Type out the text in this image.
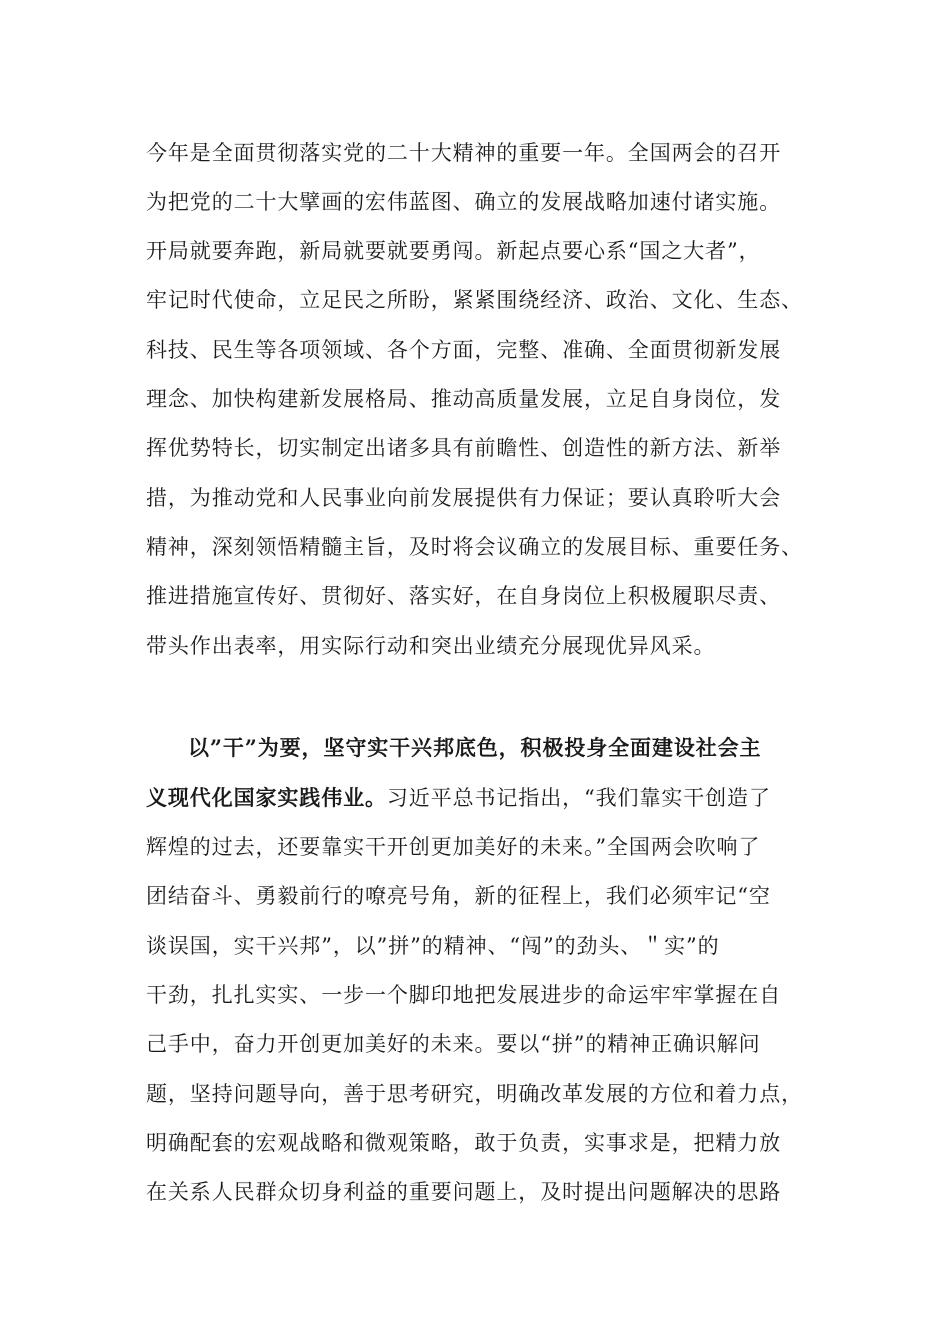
今年是全面贯彻落实党的二十大精神的重要一年。全国两会的召开
为把党的二十大擘画的宏伟蓝图、确立的发展战略加速付诸实施。
开局就要奔跑，新局就要就要勇闯。新起点要心系“国之大者”，
牢记时代使命，立足民之所盼，紧紧围绕经济、政治、文化、生态、
科技、民生等各项领域、各个方面，完整、准确、全面贯彻新发展
理念、加快构建新发展格局、推动高质量发展，立足自身岗位，发
挥优势特长，切实制定出诸多具有前瞻性、创造性的新方法、新举
措，为推动党和人民事业向前发展提供有力保证；要认真聆听大会
精神，深刻领悟精髓主旨，及时将会议确立的发展目标、重要任务、
推进措施宣传好、贯彻好、落实好，在自身岗位上积极履职尽责、
带头作出表率，用实际行动和突出业绩充分展现优异风采。
以”干”为要，坚守实干兴邦底色，积极投身全面建设社会主
义现代化国家实践伟业。习近平总书记指出，“我们靠实干创造了
辉煌的过去，还要靠实干开创更加美好的未来。”全国两会吹响了
团结奋斗、勇毅前行的嘹亮号角，新的征程上，我们必须牢记“空
谈误国，实干兴邦”，以”拼”的精神、“闯”的劲头、＂实”的
干劲，扎扎实实、一步一个脚印地把发展进步的命运牢牢掌握在自
己手中，奋力开创更加美好的未来。要以“拼”的精神正确识解问
题，坚持问题导向，善于思考研究，明确改革发展的方位和着力点，
明确配套的宏观战略和微观策略，敢于负责，实事求是，把精力放
在关系人民群众切身利益的重要问题上，及时提出问题解决的思路
